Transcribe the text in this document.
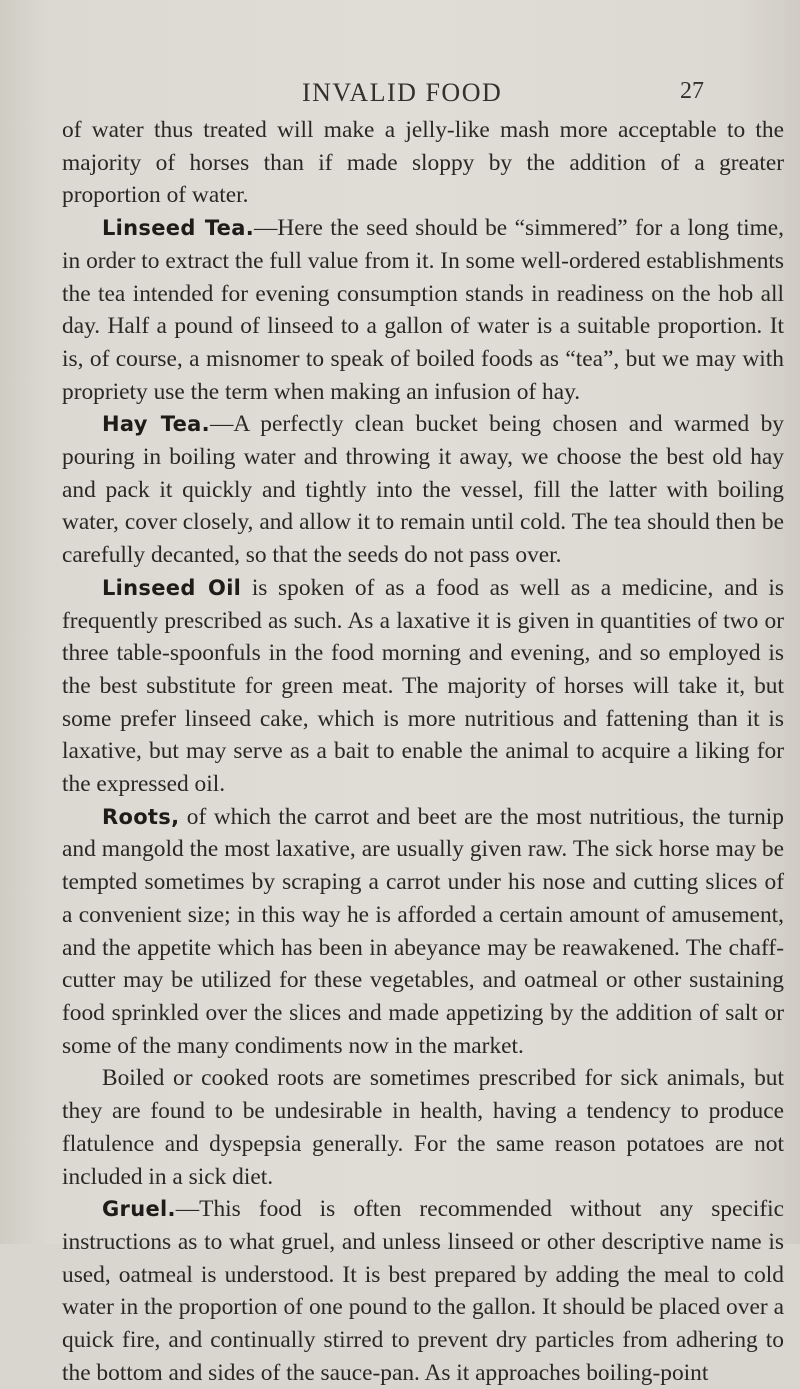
INVALID FOOD	27

of water thus treated will make a jelly-like mash more acceptable to the majority of horses than if made sloppy by the addition of a greater proportion of water.

Linseed Tea.—Here the seed should be “simmered” for a long time, in order to extract the full value from it. In some well-ordered establishments the tea intended for evening consumption stands in readiness on the hob all day. Half a pound of linseed to a gallon of water is a suitable proportion. It is, of course, a misnomer to speak of boiled foods as “tea”, but we may with propriety use the term when making an infusion of hay.

Hay Tea.—A perfectly clean bucket being chosen and warmed by pouring in boiling water and throwing it away, we choose the best old hay and pack it quickly and tightly into the vessel, fill the latter with boiling water, cover closely, and allow it to remain until cold. The tea should then be carefully decanted, so that the seeds do not pass over.

Linseed Oil is spoken of as a food as well as a medicine, and is frequently prescribed as such. As a laxative it is given in quantities of two or three table-spoonfuls in the food morning and evening, and so employed is the best substitute for green meat. The majority of horses will take it, but some prefer linseed cake, which is more nutritious and fattening than it is laxative, but may serve as a bait to enable the animal to acquire a liking for the expressed oil.

Roots, of which the carrot and beet are the most nutritious, the turnip and mangold the most laxative, are usually given raw. The sick horse may be tempted sometimes by scraping a carrot under his nose and cutting slices of a convenient size; in this way he is afforded a certain amount of amusement, and the appetite which has been in abeyance may be reawakened. The chaff-cutter may be utilized for these vegetables, and oatmeal or other sustaining food sprinkled over the slices and made appetizing by the addition of salt or some of the many condiments now in the market.

Boiled or cooked roots are sometimes prescribed for sick animals, but they are found to be undesirable in health, having a tendency to produce flatulence and dyspepsia generally. For the same reason potatoes are not included in a sick diet.

Gruel.—This food is often recommended without any specific instructions as to what gruel, and unless linseed or other descriptive name is used, oatmeal is understood. It is best prepared by adding the meal to cold water in the proportion of one pound to the gallon. It should be placed over a quick fire, and continually stirred to prevent dry particles from adhering to the bottom and sides of the sauce-pan. As it approaches boiling-point
